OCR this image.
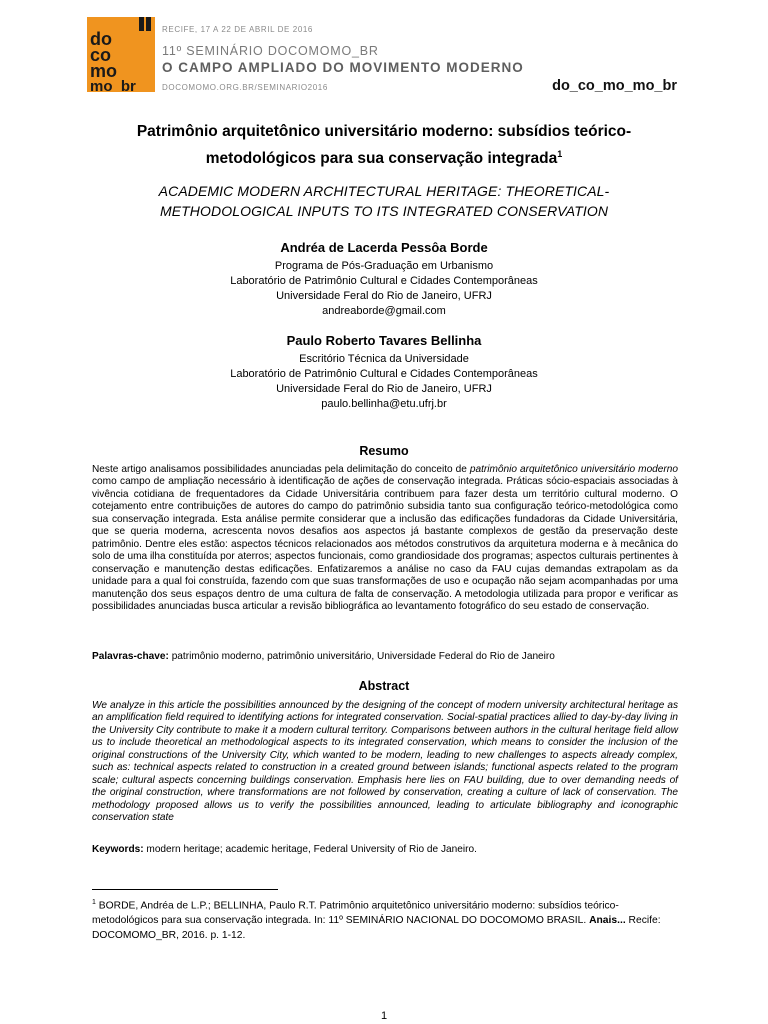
do
co
mo
mo_br
RECIFE, 17 A 22 DE ABRIL DE 2016
11º SEMINÁRIO DOCOMOMO_BR
O CAMPO AMPLIADO DO MOVIMENTO MODERNO
DOCOMOMO.ORG.BR/SEMINARIO2016	do_co_mo_mo_br
Patrimônio arquitetônico universitário moderno: subsídios teórico-metodológicos para sua conservação integrada$^1$
ACADEMIC MODERN ARCHITECTURAL HERITAGE: THEORETICAL-METHODOLOGICAL INPUTS TO ITS INTEGRATED CONSERVATION
Andréa de Lacerda Pessôa Borde
Programa de Pós-Graduação em Urbanismo
Laboratório de Patrimônio Cultural e Cidades Contemporâneas
Universidade Feral do Rio de Janeiro, UFRJ
andreaborde@gmail.com
Paulo Roberto Tavares Bellinha
Escritório Técnica da Universidade
Laboratório de Patrimônio Cultural e Cidades Contemporâneas
Universidade Feral do Rio de Janeiro, UFRJ
paulo.bellinha@etu.ufrj.br
Resumo
Neste artigo analisamos possibilidades anunciadas pela delimitação do conceito de patrimônio arquitetônico universitário moderno como campo de ampliação necessário à identificação de ações de conservação integrada. Práticas sócio-espaciais associadas à vivência cotidiana de frequentadores da Cidade Universitária contribuem para fazer desta um território cultural moderno. O cotejamento entre contribuições de autores do campo do patrimônio subsidia tanto sua configuração teórico-metodológica como sua conservação integrada. Esta análise permite considerar que a inclusão das edificações fundadoras da Cidade Universitária, que se queria moderna, acrescenta novos desafios aos aspectos já bastante complexos de gestão da preservação deste patrimônio. Dentre eles estão: aspectos técnicos relacionados aos métodos construtivos da arquitetura moderna e à mecânica do solo de uma ilha constituída por aterros; aspectos funcionais, como grandiosidade dos programas; aspectos culturais pertinentes à conservação e manutenção destas edificações. Enfatizaremos a análise no caso da FAU cujas demandas extrapolam as da unidade para a qual foi construída, fazendo com que suas transformações de uso e ocupação não sejam acompanhadas por uma manutenção dos seus espaços dentro de uma cultura de falta de conservação. A metodologia utilizada para propor e verificar as possibilidades anunciadas busca articular a revisão bibliográfica ao levantamento fotográfico do seu estado de conservação.
Palavras-chave: patrimônio moderno, patrimônio universitário, Universidade Federal do Rio de Janeiro
Abstract
We analyze in this article the possibilities announced by the designing of the concept of modern university architectural heritage as an amplification field required to identifying actions for integrated conservation. Social-spatial practices allied to day-by-day living in the University City contribute to make it a modern cultural territory. Comparisons between authors in the cultural heritage field allow us to include theoretical an methodological aspects to its integrated conservation, which means to consider the inclusion of the original constructions of the University City, which wanted to be modern, leading to new challenges to aspects already complex, such as: technical aspects related to construction in a created ground between islands; functional aspects related to the program scale; cultural aspects concerning buildings conservation. Emphasis here lies on FAU building, due to over demanding needs of the original construction, where transformations are not followed by conservation, creating a culture of lack of conservation. The methodology proposed allows us to verify the possibilities announced, leading to articulate bibliography and iconographic conservation state
Keywords: modern heritage; academic heritage, Federal University of Rio de Janeiro.
$^1$ BORDE, Andréa de L.P.; BELLINHA, Paulo R.T. Patrimônio arquitetônico universitário moderno: subsídios teórico-metodológicos para sua conservação integrada. In: 11º SEMINÁRIO NACIONAL DO DOCOMOMO BRASIL. Anais... Recife: DOCOMOMO_BR, 2016. p. 1-12.
1
